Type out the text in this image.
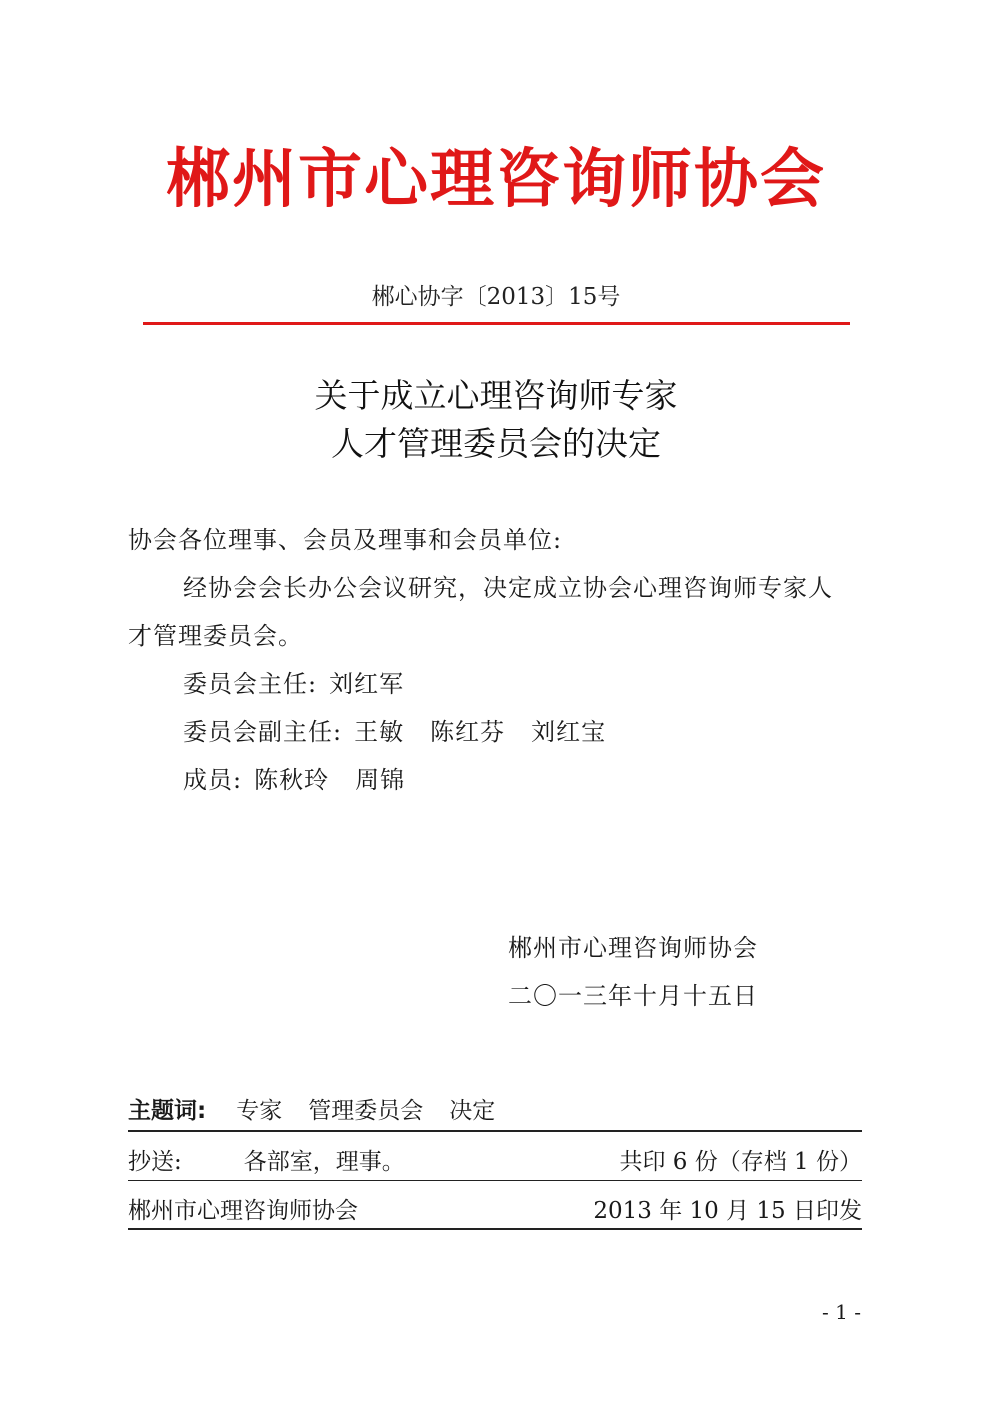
郴州市心理咨询师协会
郴心协字〔2013〕15号
关于成立心理咨询师专家
人才管理委员会的决定
协会各位理事、会员及理事和会员单位:
经协会会长办公会议研究，决定成立协会心理咨询师专家人
才管理委员会。
委员会主任: 刘红军
委员会副主任: 王敏 陈红芬 刘红宝
成员: 陈秋玲 周锦
郴州市心理咨询师协会
二〇一三年十月十五日
主题词: 专家 管理委员会 决定
抄送:	各部室，理事。	共印 6 份（存档 1 份）
郴州市心理咨询师协会	2013 年 10 月 15 日印发
- 1 -
